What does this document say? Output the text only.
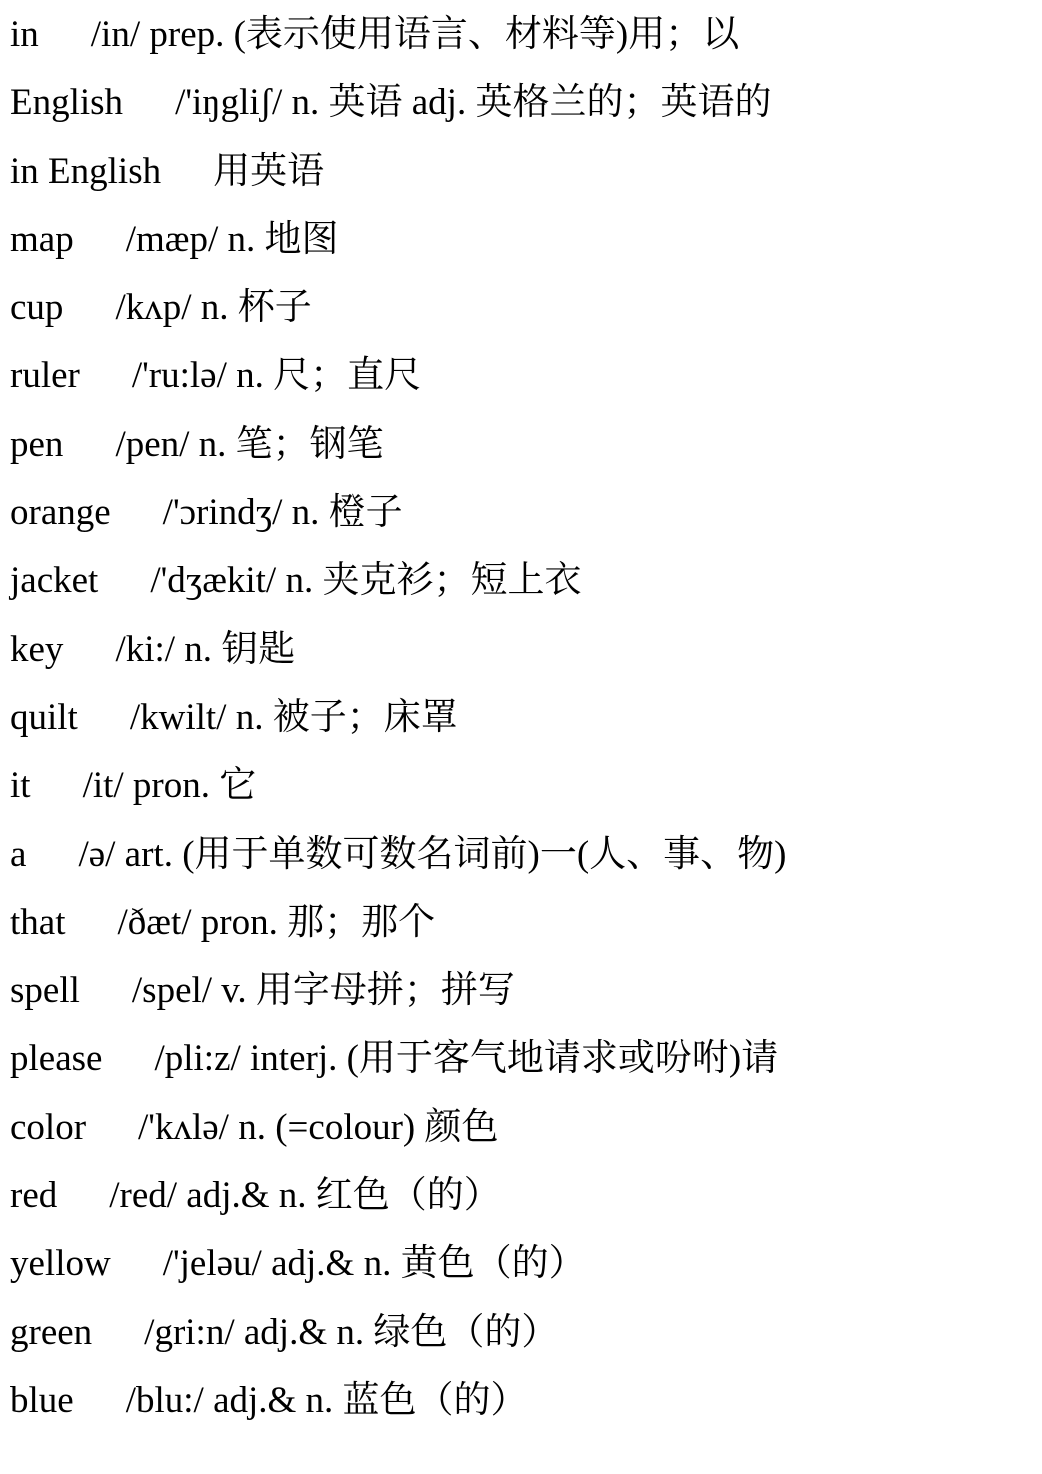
in /in/ prep. (表示使用语言、材料等)用；以
English /'iŋgliʃ/ n. 英语 adj. 英格兰的；英语的
in English 用英语
map /mæp/ n. 地图
cup /kʌp/ n. 杯子
ruler /'ru:lə/ n. 尺；直尺
pen /pen/ n. 笔；钢笔
orange /'ɔrindʒ/ n. 橙子
jacket /'dʒækit/ n. 夹克衫；短上衣
key /ki:/ n. 钥匙
quilt /kwilt/ n. 被子；床罩
it /it/ pron. 它
a /ə/ art. (用于单数可数名词前)一(人、事、物)
that /ðæt/ pron. 那；那个
spell /spel/ v. 用字母拼；拼写
please /pli:z/ interj. (用于客气地请求或吩咐)请
color /'kʌlə/ n. (=colour) 颜色
red /red/ adj.& n. 红色（的）
yellow /'jeləu/ adj.& n. 黄色（的）
green /gri:n/ adj.& n. 绿色（的）
blue /blu:/ adj.& n. 蓝色（的）
